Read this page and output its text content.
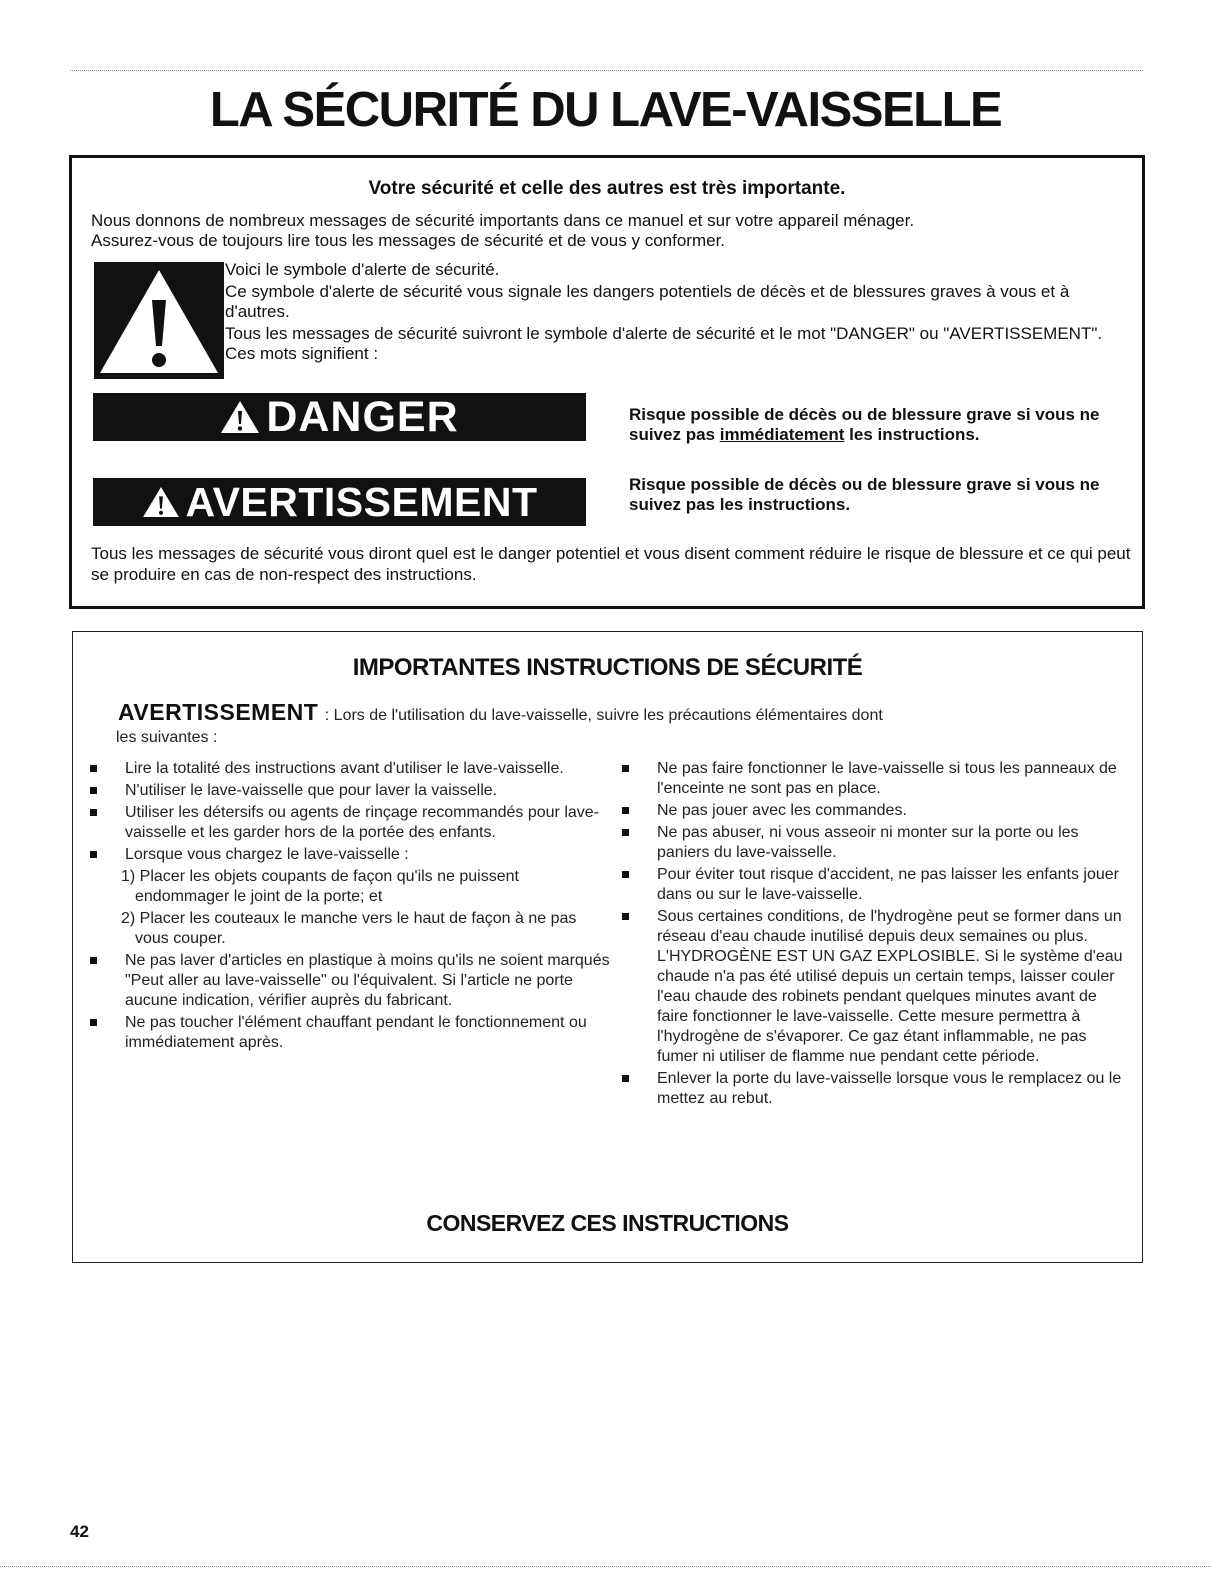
LA SÉCURITÉ DU LAVE-VAISSELLE
Votre sécurité et celle des autres est très importante.
Nous donnons de nombreux messages de sécurité importants dans ce manuel et sur votre appareil ménager.
Assurez-vous de toujours lire tous les messages de sécurité et de vous y conformer.

Voici le symbole d'alerte de sécurité.

Ce symbole d'alerte de sécurité vous signale les dangers potentiels de décès et de blessures graves à vous et à d'autres.

Tous les messages de sécurité suivront le symbole d'alerte de sécurité et le mot "DANGER" ou "AVERTISSEMENT". Ces mots signifient :

DANGER	Risque possible de décès ou de blessure grave si vous ne suivez pas immédiatement les instructions.
AVERTISSEMENT	Risque possible de décès ou de blessure grave si vous ne suivez pas les instructions.
Tous les messages de sécurité vous diront quel est le danger potentiel et vous disent comment réduire le risque de blessure et ce qui peut se produire en cas de non-respect des instructions.
IMPORTANTES INSTRUCTIONS DE SÉCURITÉ
AVERTISSEMENT : Lors de l'utilisation du lave-vaisselle, suivre les précautions élémentaires dont
les suivantes :
Lire la totalité des instructions avant d'utiliser le lave-vaisselle.
N'utiliser le lave-vaisselle que pour laver la vaisselle.
Utiliser les détersifs ou agents de rinçage recommandés pour lave-vaisselle et les garder hors de la portée des enfants.
Lorsque vous chargez le lave-vaisselle :
1) Placer les objets coupants de façon qu'ils ne puissent endommager le joint de la porte; et
2) Placer les couteaux le manche vers le haut de façon à ne pas vous couper.
Ne pas laver d'articles en plastique à moins qu'ils ne soient marqués "Peut aller au lave-vaisselle" ou l'équivalent. Si l'article ne porte aucune indication, vérifier auprès du fabricant.
Ne pas toucher l'élément chauffant pendant le fonctionnement ou immédiatement après.
Ne pas faire fonctionner le lave-vaisselle si tous les panneaux de l'enceinte ne sont pas en place.
Ne pas jouer avec les commandes.
Ne pas abuser, ni vous asseoir ni monter sur la porte ou les paniers du lave-vaisselle.
Pour éviter tout risque d'accident, ne pas laisser les enfants jouer dans ou sur le lave-vaisselle.
Sous certaines conditions, de l'hydrogène peut se former dans un réseau d'eau chaude inutilisé depuis deux semaines ou plus. L'HYDROGÈNE EST UN GAZ EXPLOSIBLE. Si le système d'eau chaude n'a pas été utilisé depuis un certain temps, laisser couler l'eau chaude des robinets pendant quelques minutes avant de faire fonctionner le lave-vaisselle. Cette mesure permettra à l'hydrogène de s'évaporer. Ce gaz étant inflammable, ne pas fumer ni utiliser de flamme nue pendant cette période.
Enlever la porte du lave-vaisselle lorsque vous le remplacez ou le mettez au rebut.
CONSERVEZ CES INSTRUCTIONS
42
